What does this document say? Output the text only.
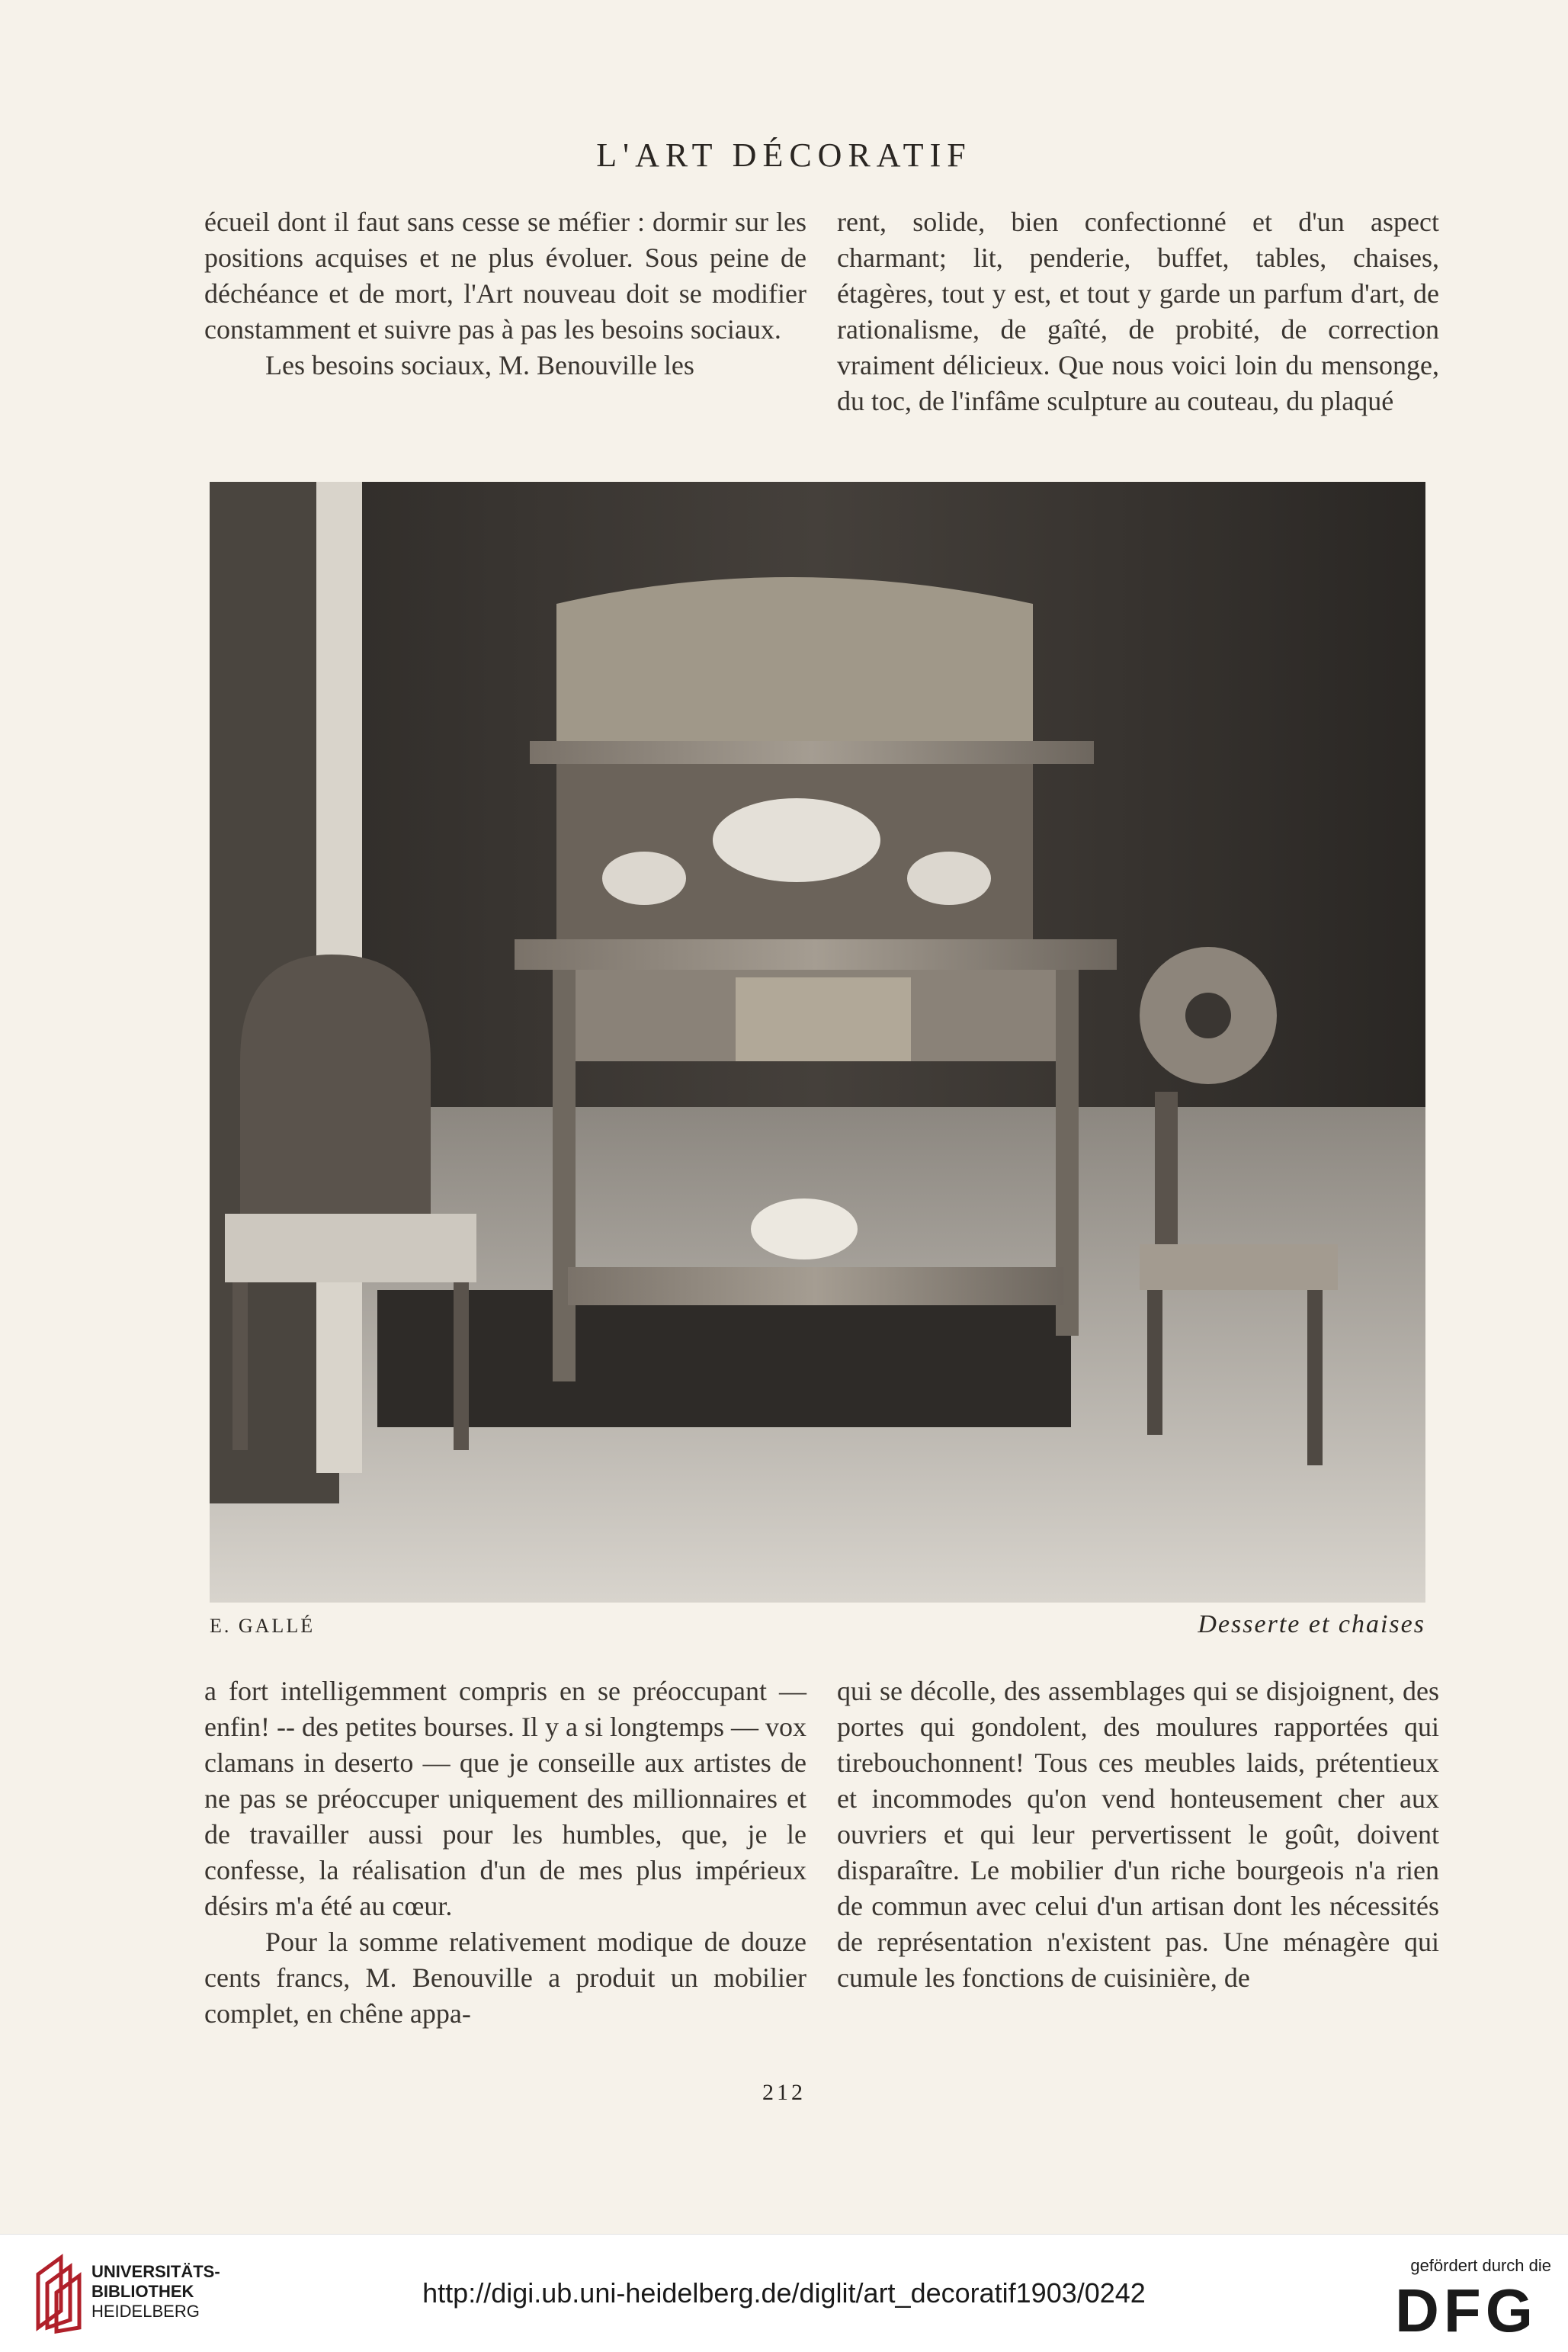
L'ART DÉCORATIF

écueil dont il faut sans cesse se méfier : dormir sur les positions acquises et ne plus évoluer. Sous peine de déchéance et de mort, l'Art nouveau doit se modifier constamment et suivre pas à pas les besoins sociaux.

Les besoins sociaux, M. Benouville les

rent, solide, bien confectionné et d'un aspect charmant; lit, penderie, buffet, tables, chaises, étagères, tout y est, et tout y garde un parfum d'art, de rationalisme, de gaîté, de probité, de correction vraiment délicieux. Que nous voici loin du mensonge, du toc, de l'infâme sculpture au couteau, du plaqué

E. GALLÉ	Desserte et chaises

a fort intelligemment compris en se préoccupant — enfin! -- des petites bourses. Il y a si longtemps — vox clamans in deserto — que je conseille aux artistes de ne pas se préoccuper uniquement des millionnaires et de travailler aussi pour les humbles, que, je le confesse, la réalisation d'un de mes plus impérieux désirs m'a été au cœur.

Pour la somme relativement modique de douze cents francs, M. Benouville a produit un mobilier complet, en chêne appa-

qui se décolle, des assemblages qui se disjoignent, des portes qui gondolent, des moulures rapportées qui tirebouchonnent! Tous ces meubles laids, prétentieux et incommodes qu'on vend honteusement cher aux ouvriers et qui leur pervertissent le goût, doivent disparaître. Le mobilier d'un riche bourgeois n'a rien de commun avec celui d'un artisan dont les nécessités de représentation n'existent pas. Une ménagère qui cumule les fonctions de cuisinière, de

212
UNIVERSITÄTS-
BIBLIOTHEK
HEIDELBERG
http://digi.ub.uni-heidelberg.de/diglit/art_decoratif1903/0242
gefördert durch die
DFG
